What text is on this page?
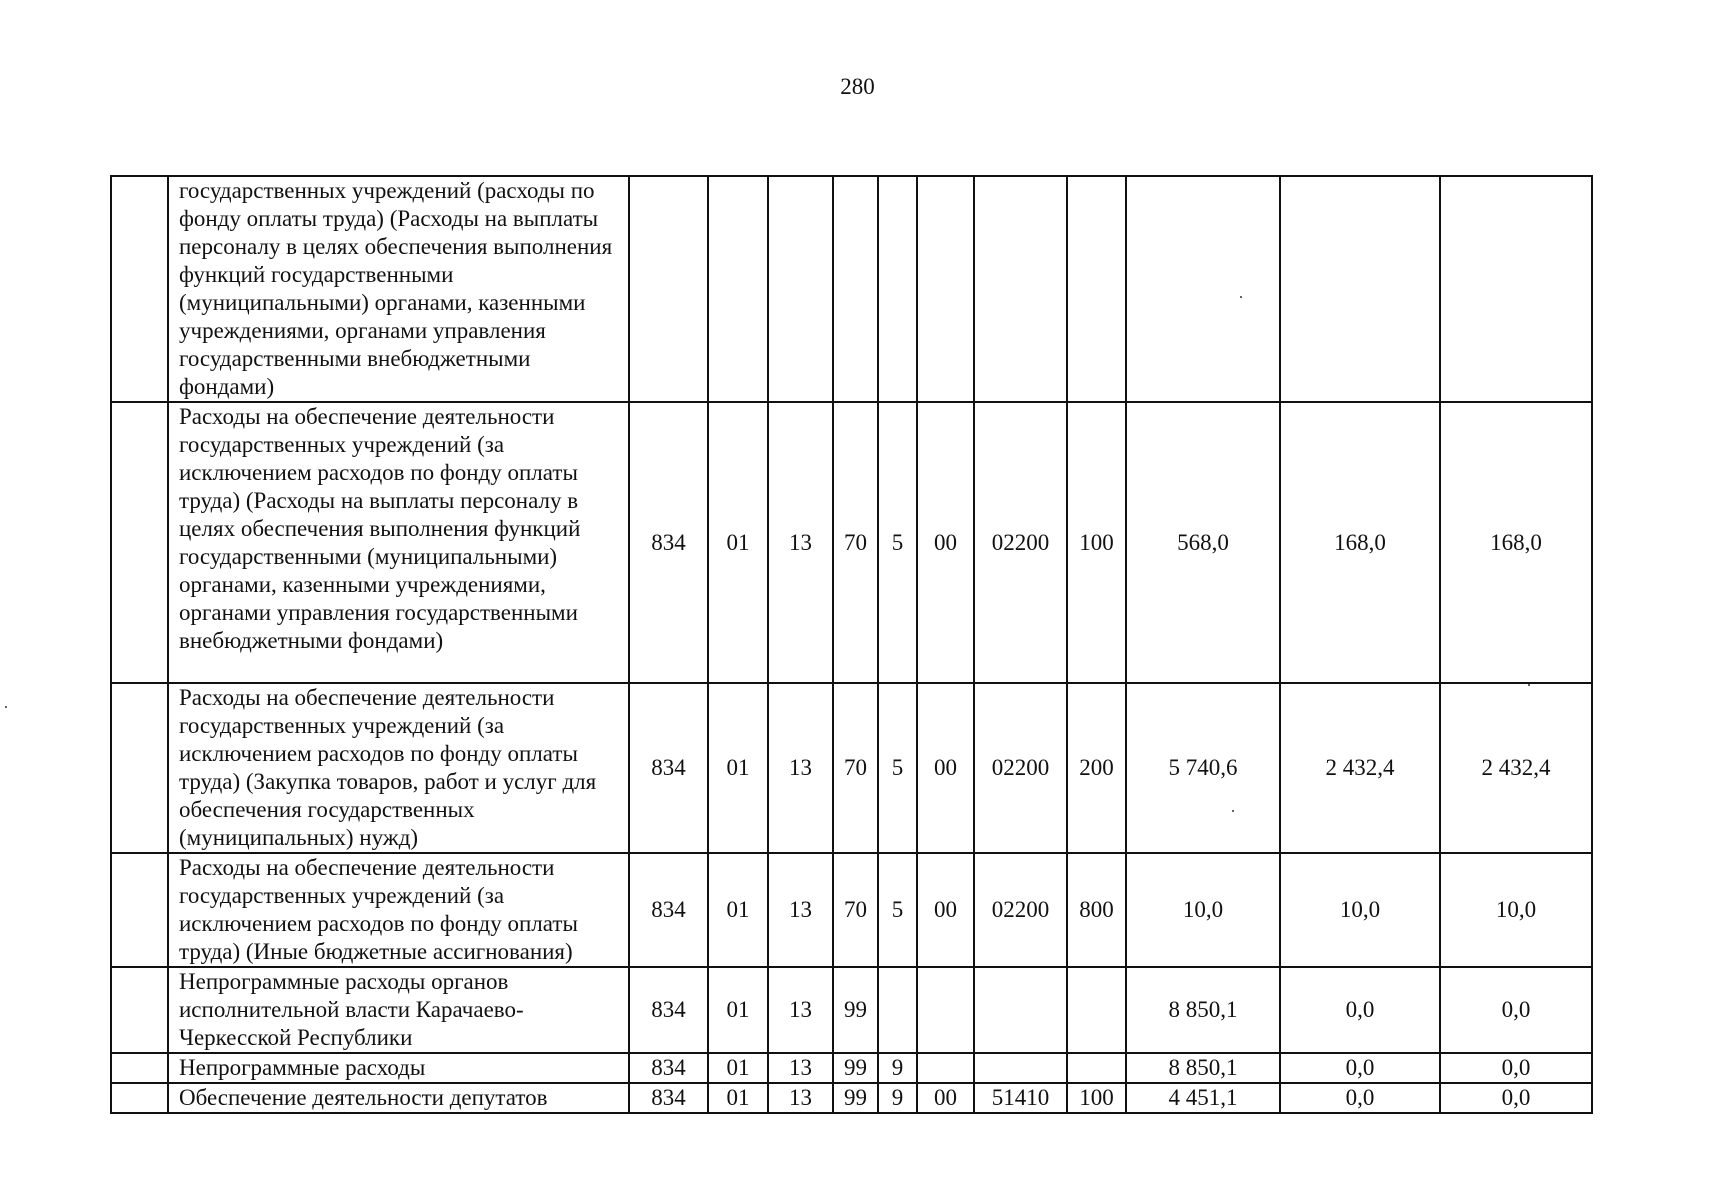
280
	государственных учреждений (расходы по фонду оплаты труда) (Расходы на выплаты персоналу в целях обеспечения выполнения функций государственными (муниципальными) органами, казенными учреждениями, органами управления государственными внебюджетными фондами)											
	Расходы на обеспечение деятельности государственных учреждений (за исключением расходов по фонду оплаты труда) (Расходы на выплаты персоналу в целях обеспечения выполнения функций государственными (муниципальными) органами, казенными учреждениями, органами управления государственными внебюджетными фондами)	834	01	13	70	5	00	02200	100	568,0	168,0	168,0
	Расходы на обеспечение деятельности государственных учреждений (за исключением расходов по фонду оплаты труда) (Закупка товаров, работ и услуг для обеспечения государственных (муниципальных) нужд)	834	01	13	70	5	00	02200	200	5 740,6	2 432,4	2 432,4
	Расходы на обеспечение деятельности государственных учреждений (за исключением расходов по фонду оплаты труда) (Иные бюджетные ассигнования)	834	01	13	70	5	00	02200	800	10,0	10,0	10,0
	Непрограммные расходы органов исполнительной власти Карачаево-Черкесской Республики	834	01	13	99					8 850,1	0,0	0,0
	Непрограммные расходы	834	01	13	99	9				8 850,1	0,0	0,0
	Обеспечение деятельности депутатов	834	01	13	99	9	00	51410	100	4 451,1	0,0	0,0
